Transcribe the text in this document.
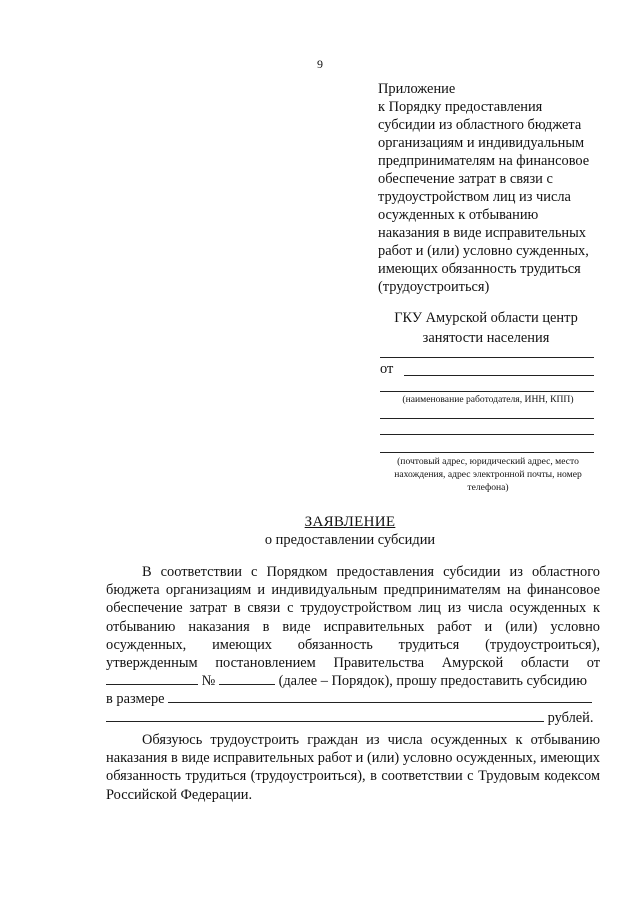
9
Приложение
к Порядку предоставления
субсидии из областного бюджета
организациям и индивидуальным
предпринимателям на финансовое
обеспечение затрат в связи с
трудоустройством лиц из числа
осужденных к отбыванию
наказания в виде исправительных
работ и (или) условно сужденных,
имеющих обязанность трудиться
(трудоустроиться)
ГКУ Амурской области центр
занятости населения
от
(наименование работодателя, ИНН, КПП)
(почтовый адрес, юридический адрес, место
нахождения, адрес электронной почты, номер
телефона)
ЗАЯВЛЕНИЕ
о предоставлении субсидии
В соответствии с Порядком предоставления субсидии из областного
бюджета организациям и индивидуальным предпринимателям на финансовое
обеспечение затрат в связи с трудоустройством лиц из числа осужденных к
отбыванию наказания в виде исправительных работ и (или) условно
осужденных, имеющих обязанность трудиться (трудоустроиться),
утвержденным постановлением Правительства Амурской области от
№	(далее – Порядок), прошу предоставить субсидию
в размере
рублей.
Обязуюсь трудоустроить граждан из числа осужденных к отбыванию
наказания в виде исправительных работ и (или) условно осужденных, имеющих
обязанность трудиться (трудоустроиться), в соответствии с Трудовым кодексом
Российской Федерации.
